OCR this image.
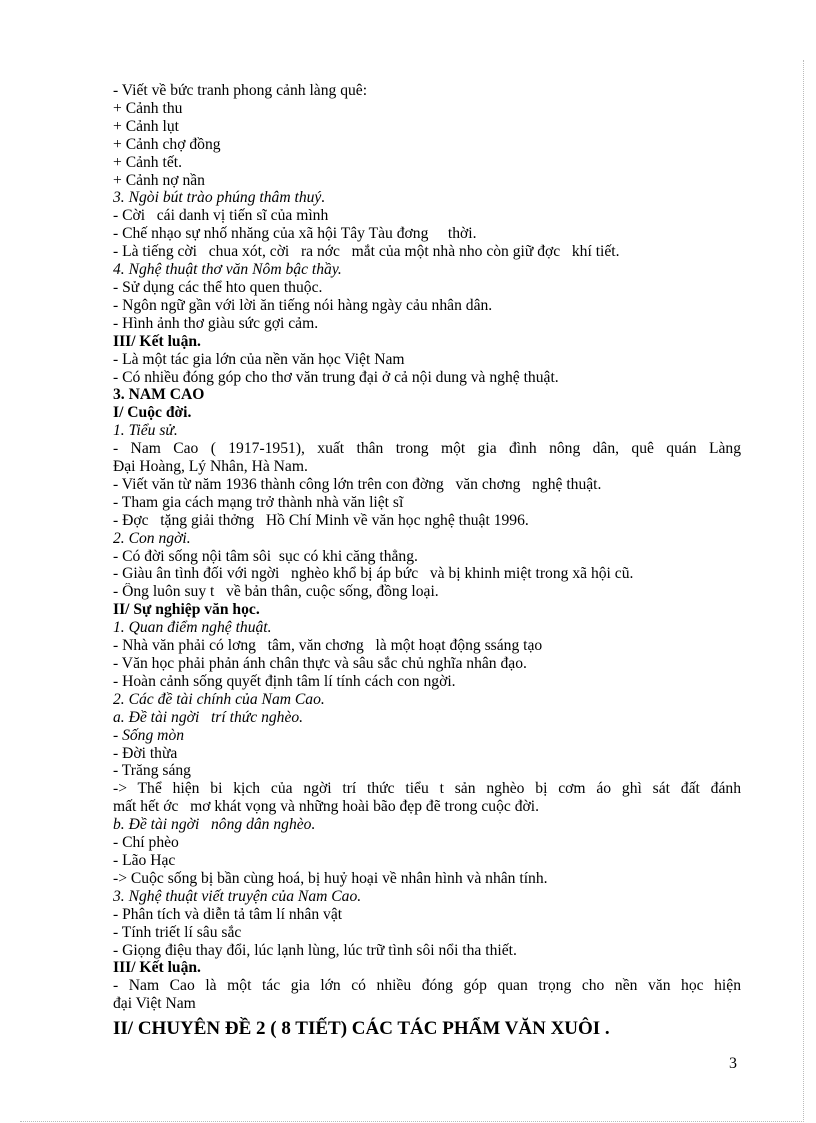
- Viết về bức tranh phong cảnh làng quê:
+ Cảnh thu
+ Cảnh lụt
+ Cảnh chợ đồng
+ Cảnh tết.
+ Cảnh nợ nần
3. Ngòi bút trào phúng thâm thuý.
- Cời   cái danh vị tiến sĩ của mình
- Chế nhạo sự nhố nhăng của xã hội Tây Tàu đơng     thời.
- Là tiếng cời   chua xót, cời   ra nớc   mắt của một nhà nho còn giữ đợc   khí tiết.
4. Nghệ thuật thơ văn Nôm bậc thầy.
- Sử dụng các thể hto quen thuộc.
- Ngôn ngữ gần với lời ăn tiếng nói hàng ngày cảu nhân dân.
- Hình ảnh thơ giàu sức gợi cảm.
III/ Kết luận.
- Là một tác gia lớn của nền văn học Việt Nam
- Có nhiều đóng góp cho thơ văn trung đại ở cả nội dung và nghệ thuật.
3. NAM CAO
I/ Cuộc đời.
1. Tiểu sử.
- Nam Cao ( 1917-1951), xuất thân trong một gia đình nông dân, quê quán Làng
Đại Hoàng, Lý Nhân, Hà Nam.
- Viết văn từ năm 1936 thành công lớn trên con đờng   văn chơng   nghệ thuật.
- Tham gia cách mạng trở thành nhà văn liệt sĩ
- Đợc   tặng giải thởng   Hồ Chí Minh về văn học nghệ thuật 1996.
2. Con ngời.
- Có đời sống nội tâm sôi  sục có khi căng thẳng.
- Giàu ân tình đối với ngời   nghèo khổ bị áp bức   và bị khinh miệt trong xã hội cũ.
- Ông luôn suy t   về bản thân, cuộc sống, đồng loại.
II/ Sự nghiệp văn học.
1. Quan điểm nghệ thuật.
- Nhà văn phải có lơng   tâm, văn chơng   là một hoạt động ssáng tạo
- Văn học phải phản ánh chân thực và sâu sắc chủ nghĩa nhân đạo.
- Hoàn cảnh sống quyết định tâm lí tính cách con ngời.
2. Các đề tài chính của Nam Cao.
a. Đề tài ngời   trí thức nghèo.
- Sống mòn
- Đời thừa
- Trăng sáng
-> Thể hiện bi kịch của ngời trí thức tiểu t sản nghèo bị cơm áo ghì sát đất đánh
mất hết ớc   mơ khát vọng và những hoài bão đẹp đẽ trong cuộc đời.
b. Đề tài ngời   nông dân nghèo.
- Chí phèo
- Lão Hạc
-> Cuộc sống bị bần cùng hoá, bị huỷ hoại về nhân hình và nhân tính.
3. Nghệ thuật viết truyện của Nam Cao.
- Phân tích và diễn tả tâm lí nhân vật
- Tính triết lí sâu sắc
- Giọng điệu thay đổi, lúc lạnh lùng, lúc trữ tình sôi nổi tha thiết.
III/ Kết luận.
- Nam Cao là một tác gia lớn có nhiều đóng góp quan trọng cho nền văn học hiện
đại Việt Nam
II/ CHUYÊN ĐỀ 2 ( 8 TIẾT) CÁC TÁC PHẨM VĂN XUÔI .
3
